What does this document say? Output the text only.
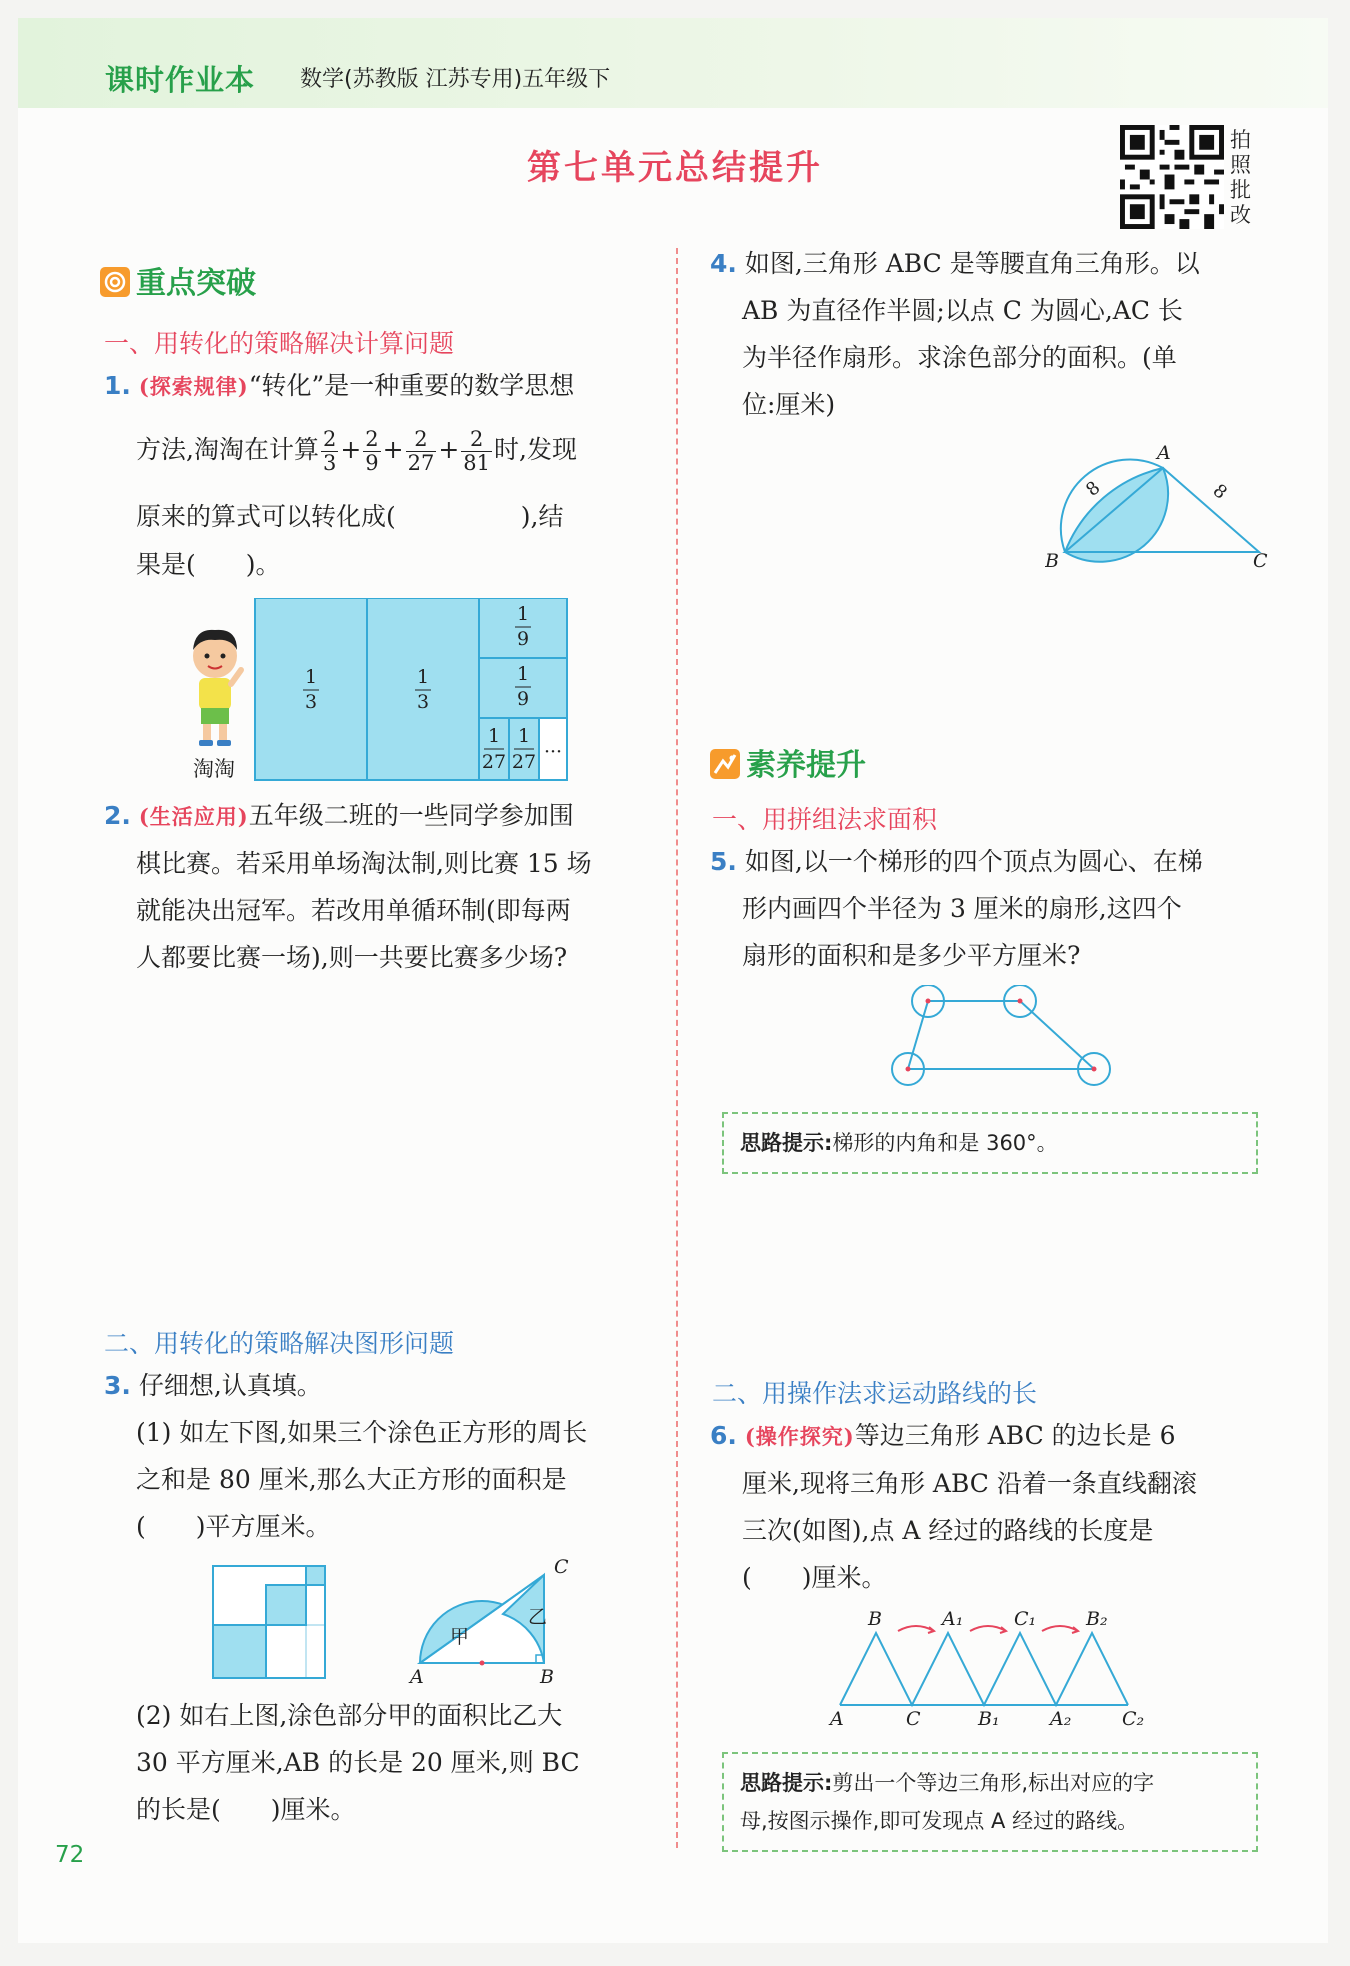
课时作业本 数学(苏教版 江苏专用)五年级下
第七单元总结提升
拍
照
批
改
重点突破
一、用转化的策略解决计算问题
1. (探索规律)“转化”是一种重要的数学思想
方法,淘淘在计算 $\frac{2}{3} + \frac{2}{9} + \frac{2}{27} + \frac{2}{81}$ 时,发现
原来的算式可以转化成(　　　　　),结
果是(　　)。
淘淘
1
3
1
3
1
9
1
9
1
27
1
27 ···
2. (生活应用)五年级二班的一些同学参加围
棋比赛。若采用单场淘汰制,则比赛 15 场
就能决出冠军。若改用单循环制(即每两
人都要比赛一场),则一共要比赛多少场?
二、用转化的策略解决图形问题
3. 仔细想,认真填。
(1) 如左下图,如果三个涂色正方形的周长
之和是 80 厘米,那么大正方形的面积是
(　　)平方厘米。
甲
乙
A	B
C
(2) 如右上图,涂色部分甲的面积比乙大
30 平方厘米,AB 的长是 20 厘米,则 BC
的长是(　　)厘米。
4. 如图,三角形 ABC 是等腰直角三角形。以
AB 为直径作半圆;以点 C 为圆心,AC 长
为半径作扇形。求涂色部分的面积。(单
位:厘米)
A
B	C
8	8
素养提升
一、用拼组法求面积
5. 如图,以一个梯形的四个顶点为圆心、在梯
形内画四个半径为 3 厘米的扇形,这四个
扇形的面积和是多少平方厘米?
思路提示:梯形的内角和是 360°。
二、用操作法求运动路线的长
6. (操作探究)等边三角形 ABC 的边长是 6
厘米,现将三角形 ABC 沿着一条直线翻滚
三次(如图),点 A 经过的路线的长度是
(　　)厘米。
B	A₁	C₁	B₂
A	C	B₁	A₂	C₂
思路提示:剪出一个等边三角形,标出对应的字
母,按图示操作,即可发现点 A 经过的路线。
72
